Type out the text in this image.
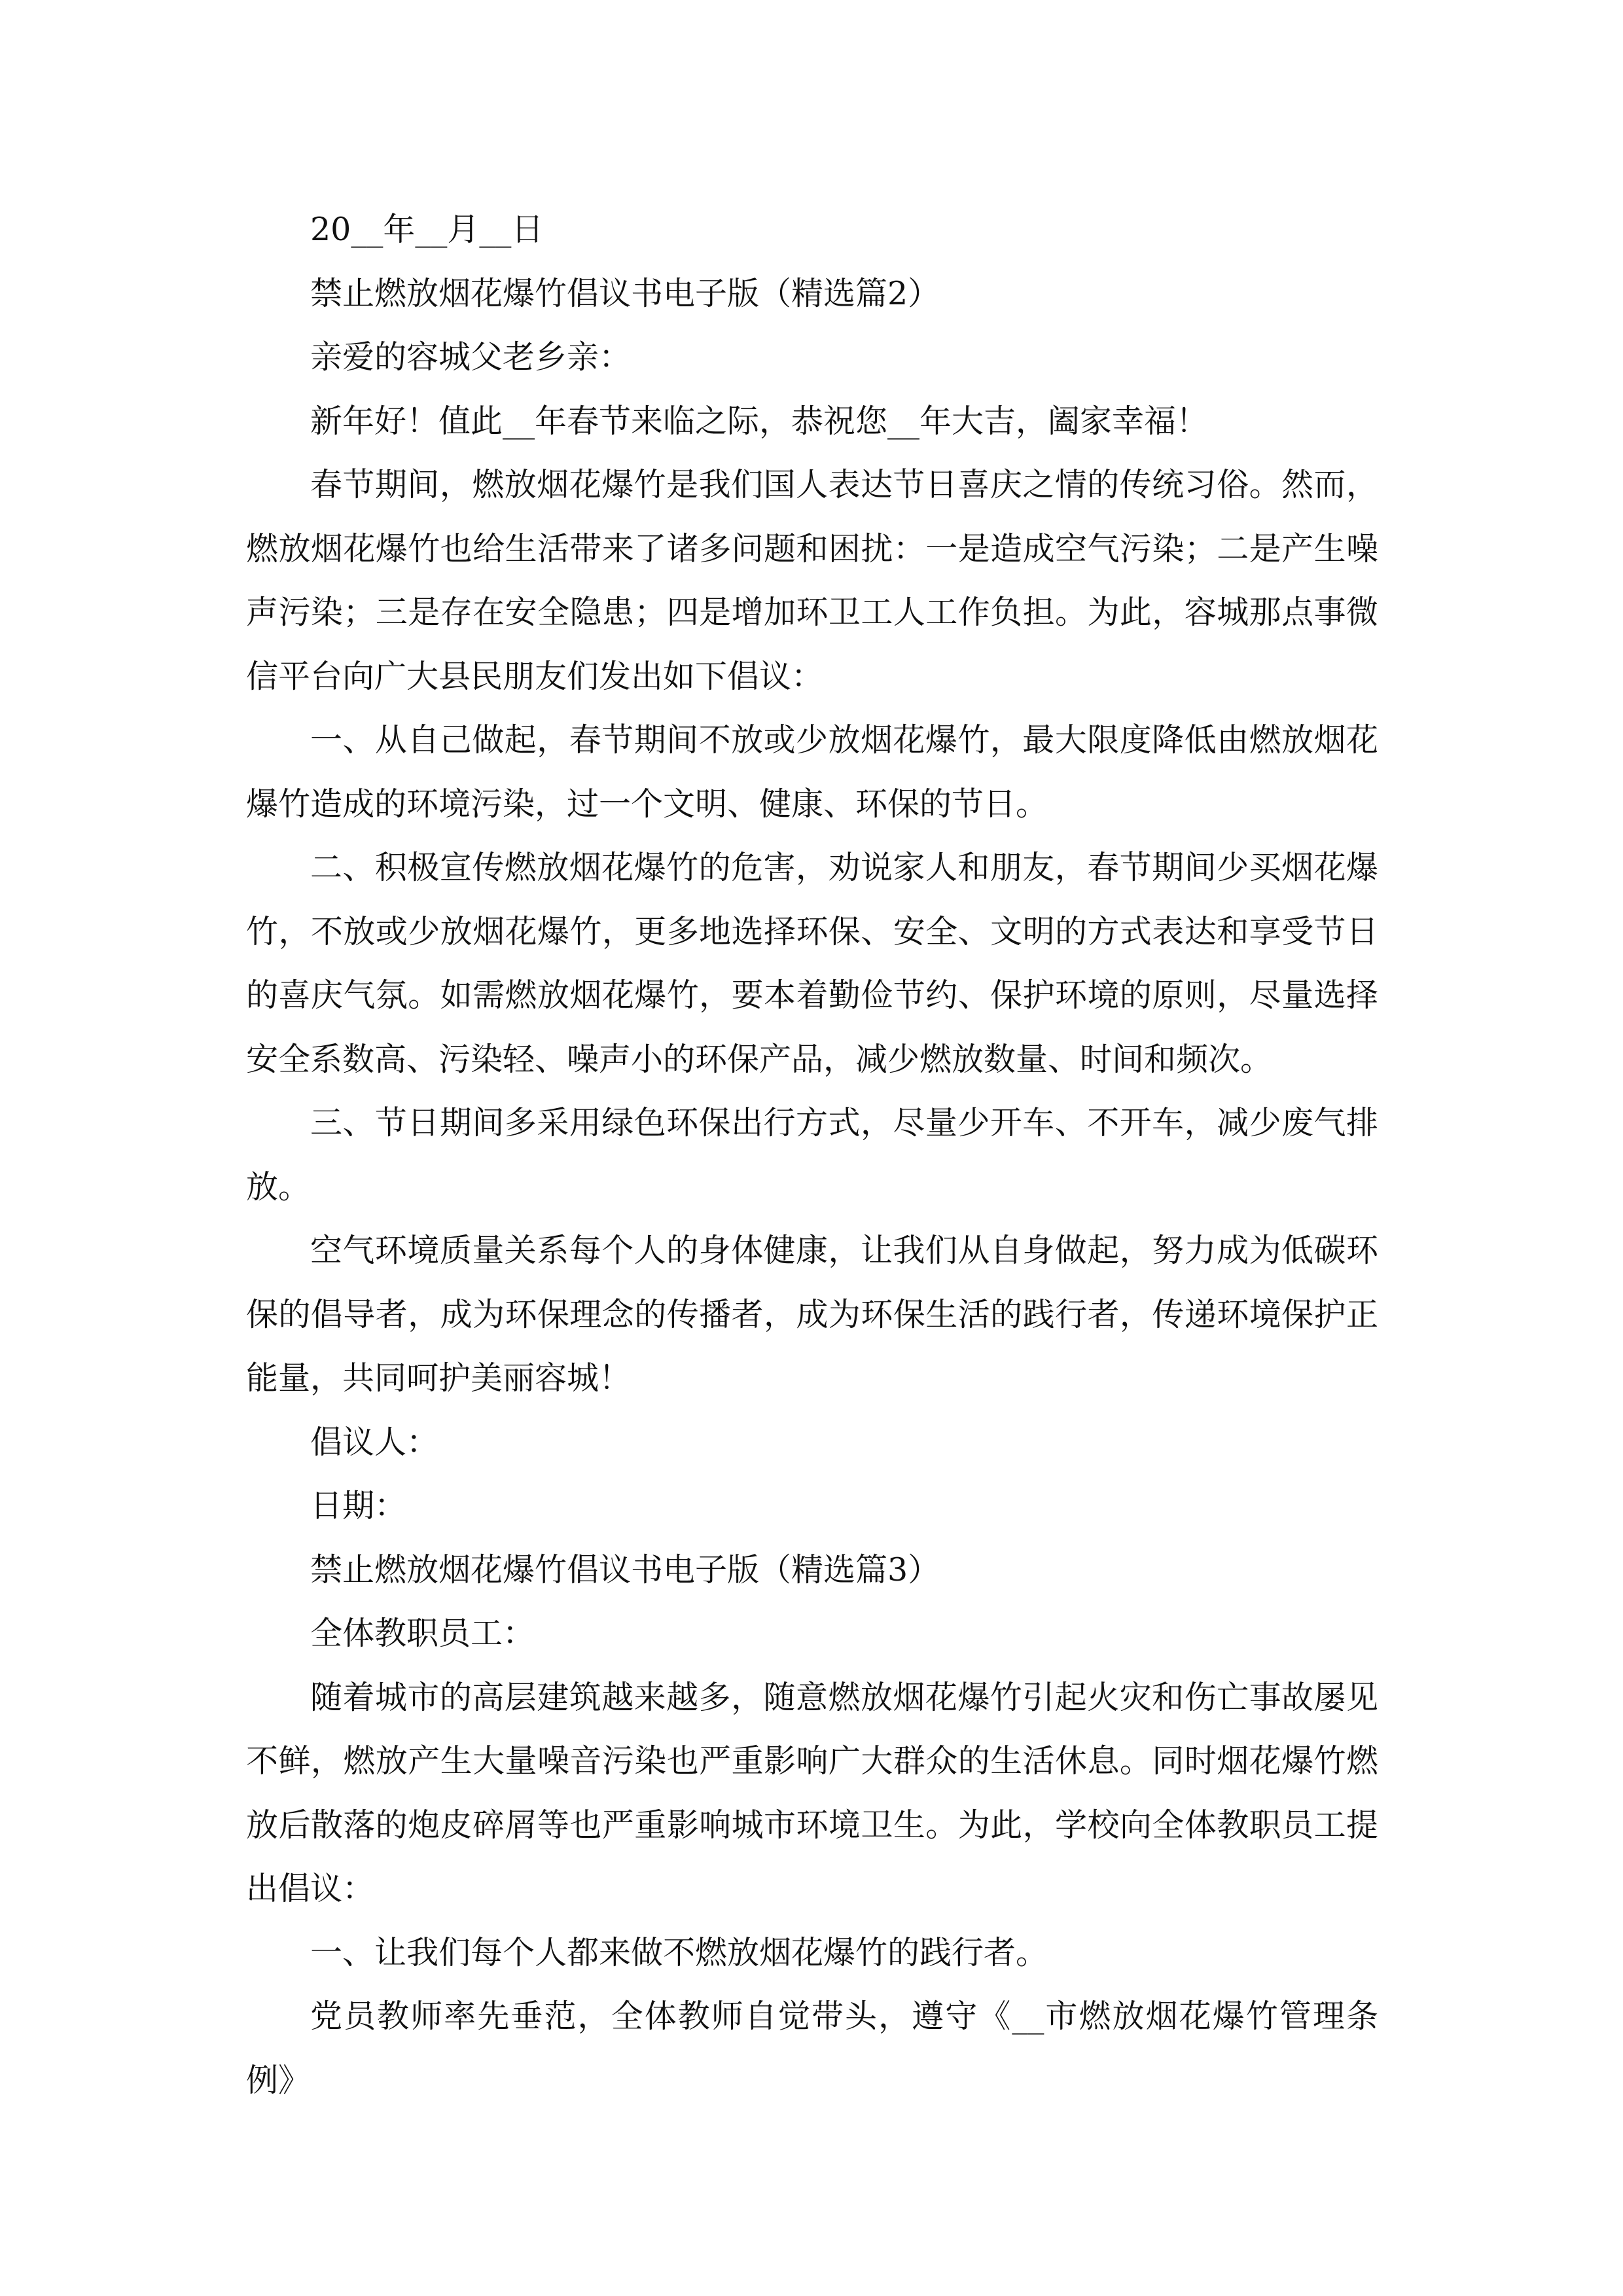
20__年__月__日

禁止燃放烟花爆竹倡议书电子版（精选篇2）

亲爱的容城父老乡亲：

新年好！值此__年春节来临之际，恭祝您__年大吉，阖家幸福！

春节期间，燃放烟花爆竹是我们国人表达节日喜庆之情的传统习俗。然而，燃放烟花爆竹也给生活带来了诸多问题和困扰：一是造成空气污染；二是产生噪声污染；三是存在安全隐患；四是增加环卫工人工作负担。为此，容城那点事微信平台向广大县民朋友们发出如下倡议：

一、从自己做起，春节期间不放或少放烟花爆竹，最大限度降低由燃放烟花爆竹造成的环境污染，过一个文明、健康、环保的节日。

二、积极宣传燃放烟花爆竹的危害，劝说家人和朋友，春节期间少买烟花爆竹，不放或少放烟花爆竹，更多地选择环保、安全、文明的方式表达和享受节日的喜庆气氛。如需燃放烟花爆竹，要本着勤俭节约、保护环境的原则，尽量选择安全系数高、污染轻、噪声小的环保产品，减少燃放数量、时间和频次。

三、节日期间多采用绿色环保出行方式，尽量少开车、不开车，减少废气排放。

空气环境质量关系每个人的身体健康，让我们从自身做起，努力成为低碳环保的倡导者，成为环保理念的传播者，成为环保生活的践行者，传递环境保护正能量，共同呵护美丽容城！

倡议人：

日期：

禁止燃放烟花爆竹倡议书电子版（精选篇3）

全体教职员工：

随着城市的高层建筑越来越多，随意燃放烟花爆竹引起火灾和伤亡事故屡见不鲜，燃放产生大量噪音污染也严重影响广大群众的生活休息。同时烟花爆竹燃放后散落的炮皮碎屑等也严重影响城市环境卫生。为此，学校向全体教职员工提出倡议：

一、让我们每个人都来做不燃放烟花爆竹的践行者。

党员教师率先垂范，全体教师自觉带头，遵守《__市燃放烟花爆竹管理条例》
